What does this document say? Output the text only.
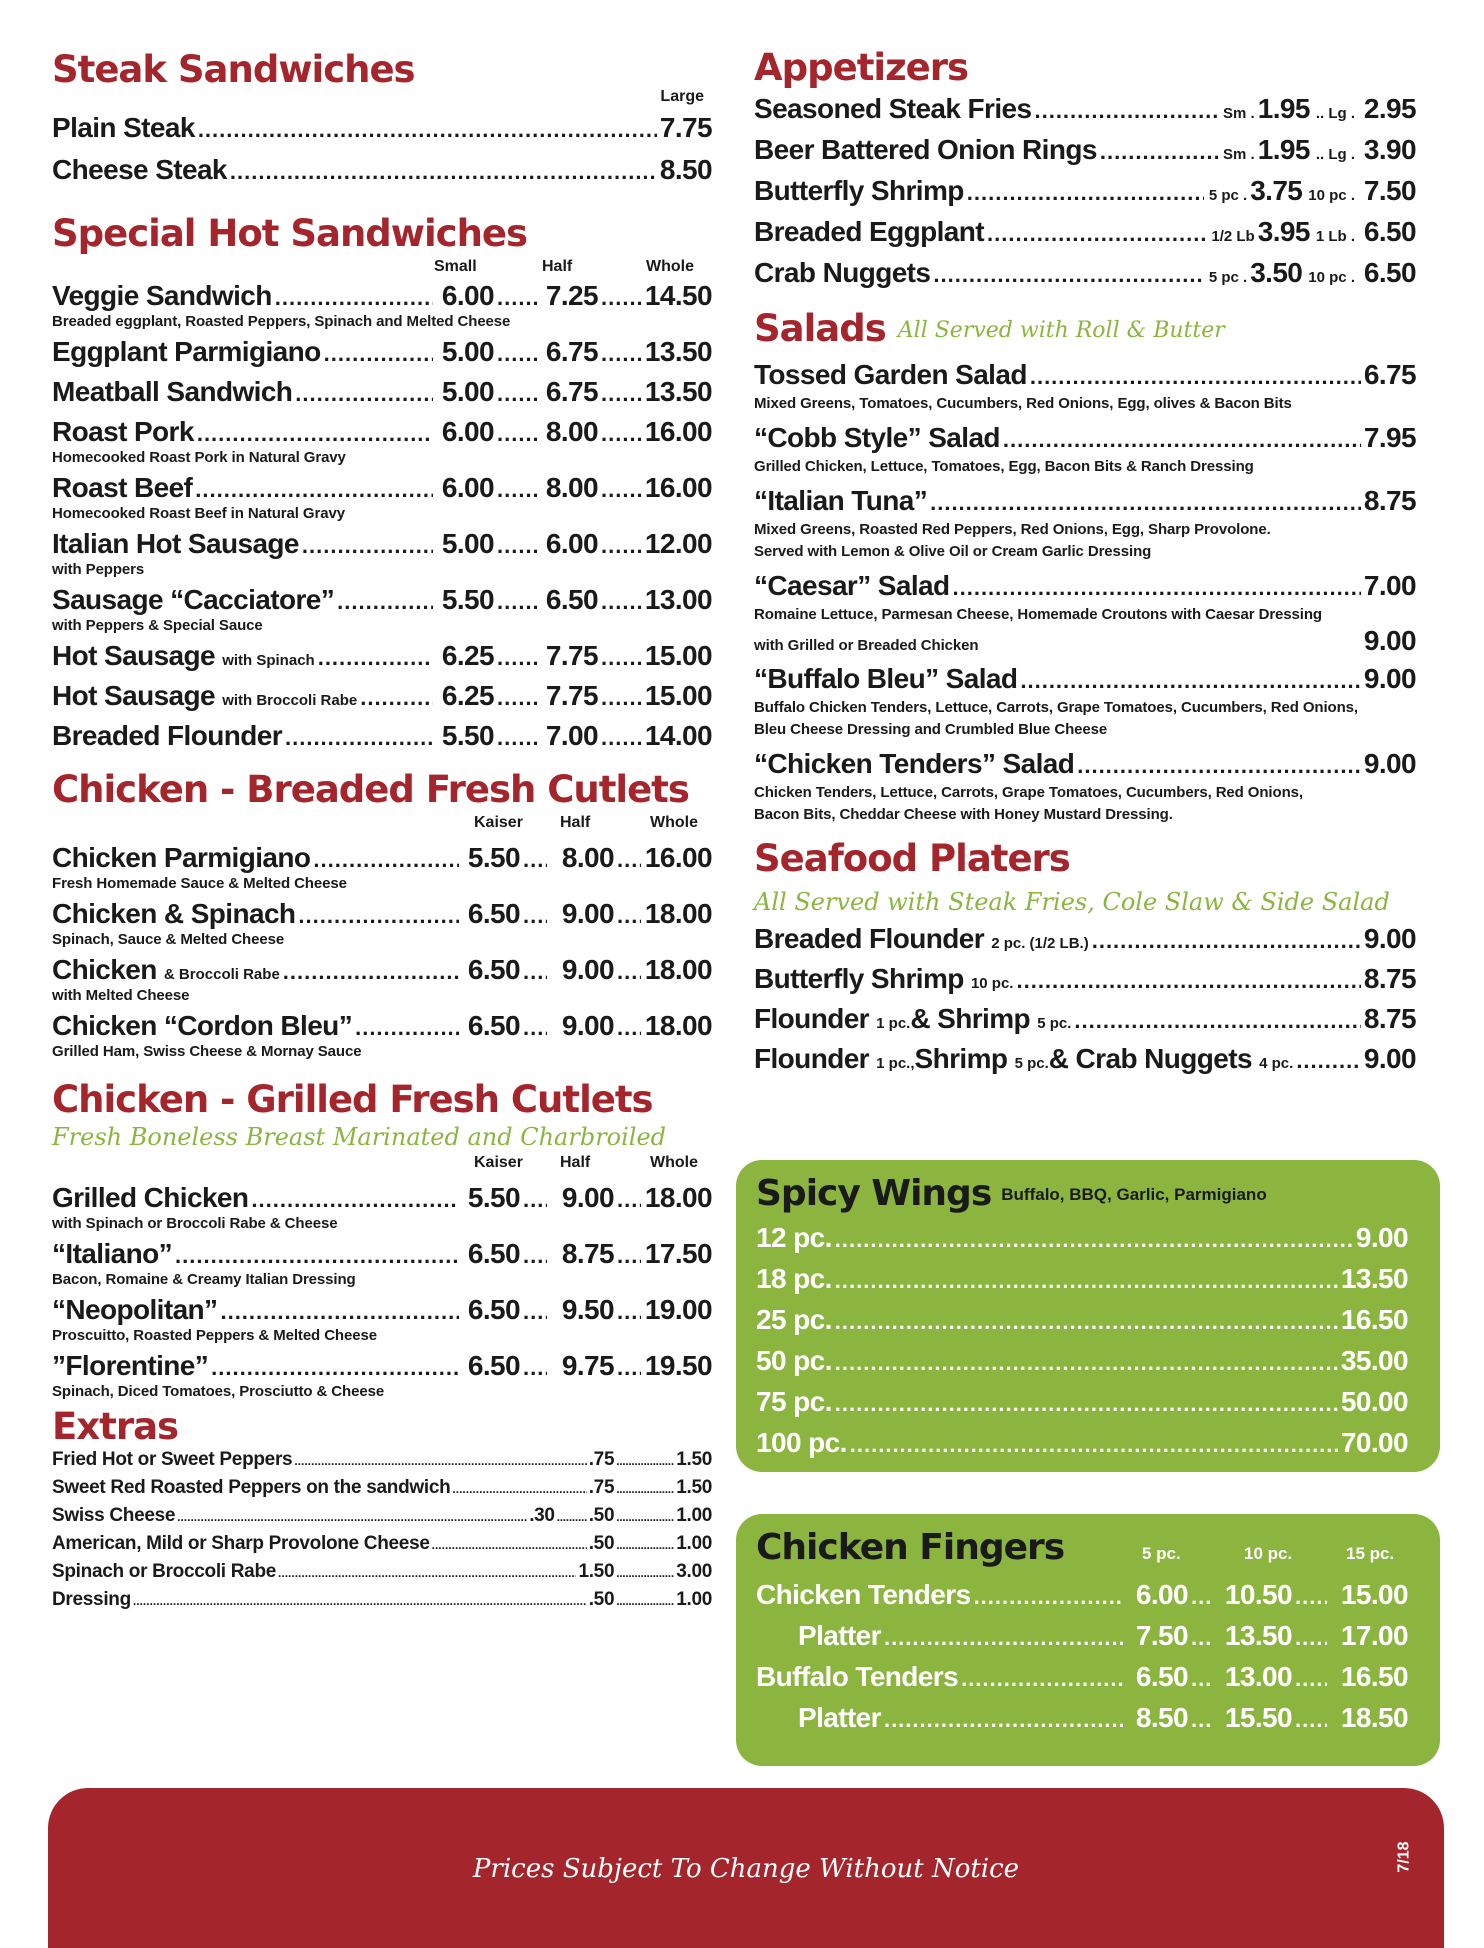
Steak Sandwiches
Large
Plain Steak .....	7.75
Cheese Steak .....	8.50
Special Hot Sandwiches
Small	Half	Whole
Veggie Sandwich .....	6.00 ..... 7.25 ..... 14.50
Breaded eggplant, Roasted Peppers, Spinach and Melted Cheese
Eggplant Parmigiano .....	5.00 ..... 6.75 ..... 13.50
Meatball Sandwich .....	5.00 ..... 6.75 ..... 13.50
Roast Pork .....	6.00 ..... 8.00 ..... 16.00
Homecooked Roast Pork in Natural Gravy
Roast Beef .....	6.00 ..... 8.00 ..... 16.00
Homecooked Roast Beef in Natural Gravy
Italian Hot Sausage .....	5.00 ..... 6.00 ..... 12.00
with Peppers
Sausage “Cacciatore” .....	5.50 ..... 6.50 ..... 13.00
with Peppers & Special Sauce
Hot Sausage with Spinach .....	6.25 ..... 7.75 ..... 15.00
Hot Sausage with Broccoli Rabe .....	6.25 ..... 7.75 ..... 15.00
Breaded Flounder .....	5.50 ..... 7.00 ..... 14.00
Chicken - Breaded Fresh Cutlets
Kaiser Half	Whole
Chicken Parmigiano .....	5.50 .....	8.00 ..... 16.00
Fresh Homemade Sauce & Melted Cheese
Chicken & Spinach .....	6.50 .....	9.00 ..... 18.00
Spinach, Sauce & Melted Cheese
Chicken & Broccoli Rabe .....	6.50 .....	9.00 ..... 18.00
with Melted Cheese
Chicken “Cordon Bleu” .....	6.50 .....	9.00 ..... 18.00
Grilled Ham, Swiss Cheese & Mornay Sauce
Chicken - Grilled Fresh Cutlets
Fresh Boneless Breast Marinated and Charbroiled
Kaiser Half	Whole
Grilled Chicken .....	5.50 .....	9.00 ..... 18.00
with Spinach or Broccoli Rabe & Cheese
“Italiano” .....	6.50 .....	8.75 ..... 17.50
Bacon, Romaine & Creamy Italian Dressing
“Neopolitan” .....	6.50 .....	9.50 ..... 19.00
Proscuitto, Roasted Peppers & Melted Cheese
”Florentine” .....	6.50 .....	9.75 ..... 19.50
Spinach, Diced Tomatoes, Prosciutto & Cheese
Extras
Fried Hot or Sweet Peppers .....	.75 .....	1.50
Sweet Red Roasted Peppers on the sandwich .....	.75 .....	1.50
Swiss Cheese .....	.30 ..... .50 .....	1.00
American, Mild or Sharp Provolone Cheese .....	.50 .....	1.00
Spinach or Broccoli Rabe .....	1.50 .....	3.00
Dressing .....	.50 .....	1.00
Appetizers
Seasoned Steak Fries .....	Sm . 1.95 .. Lg . 2.95
Beer Battered Onion Rings .....	Sm . 1.95 .. Lg . 3.90
Butterfly Shrimp .....	5 pc . 3.75 10 pc . 7.50
Breaded Eggplant .....	1/2 Lb 3.95 1 Lb . 6.50
Crab Nuggets .....	5 pc . 3.50 10 pc . 6.50
Salads All Served with Roll & Butter
Tossed Garden Salad .....	6.75
Mixed Greens, Tomatoes, Cucumbers, Red Onions, Egg, olives & Bacon Bits
“Cobb Style” Salad .....	7.95
Grilled Chicken, Lettuce, Tomatoes, Egg, Bacon Bits & Ranch Dressing
“Italian Tuna” .....	8.75
Mixed Greens, Roasted Red Peppers, Red Onions, Egg, Sharp Provolone.
Served with Lemon & Olive Oil or Cream Garlic Dressing
“Caesar” Salad .....	7.00
Romaine Lettuce, Parmesan Cheese, Homemade Croutons with Caesar Dressing
with Grilled or Breaded Chicken	9.00
“Buffalo Bleu” Salad .....	9.00
Buffalo Chicken Tenders, Lettuce, Carrots, Grape Tomatoes, Cucumbers, Red Onions,
Bleu Cheese Dressing and Crumbled Blue Cheese
“Chicken Tenders” Salad .....	9.00
Chicken Tenders, Lettuce, Carrots, Grape Tomatoes, Cucumbers, Red Onions,
Bacon Bits, Cheddar Cheese with Honey Mustard Dressing.
Seafood Platers
All Served with Steak Fries, Cole Slaw & Side Salad
Breaded Flounder 2 pc. (1/2 LB.) .....	9.00
Butterfly Shrimp 10 pc. .....	8.75
Flounder 1 pc.& Shrimp 5 pc. .....	8.75
Flounder 1 pc.,Shrimp 5 pc.& Crab Nuggets 4 pc. .....	9.00
Spicy Wings Buffalo, BBQ, Garlic, Parmigiano
12 pc. .....	9.00
18 pc. .....	13.50
25 pc. .....	16.50
50 pc. .....	35.00
75 pc. .....	50.00
100 pc. .....	70.00
Chicken Fingers	5 pc.	10 pc.	15 pc.
Chicken Tenders .....	6.00 .....	10.50 .....	15.00
Platter .....	7.50 .....	13.50 .....	17.00
Buffalo Tenders .....	6.50 .....	13.00 .....	16.50
Platter .....	8.50 .....	15.50 .....	18.50
Prices Subject To Change Without Notice	7/18
